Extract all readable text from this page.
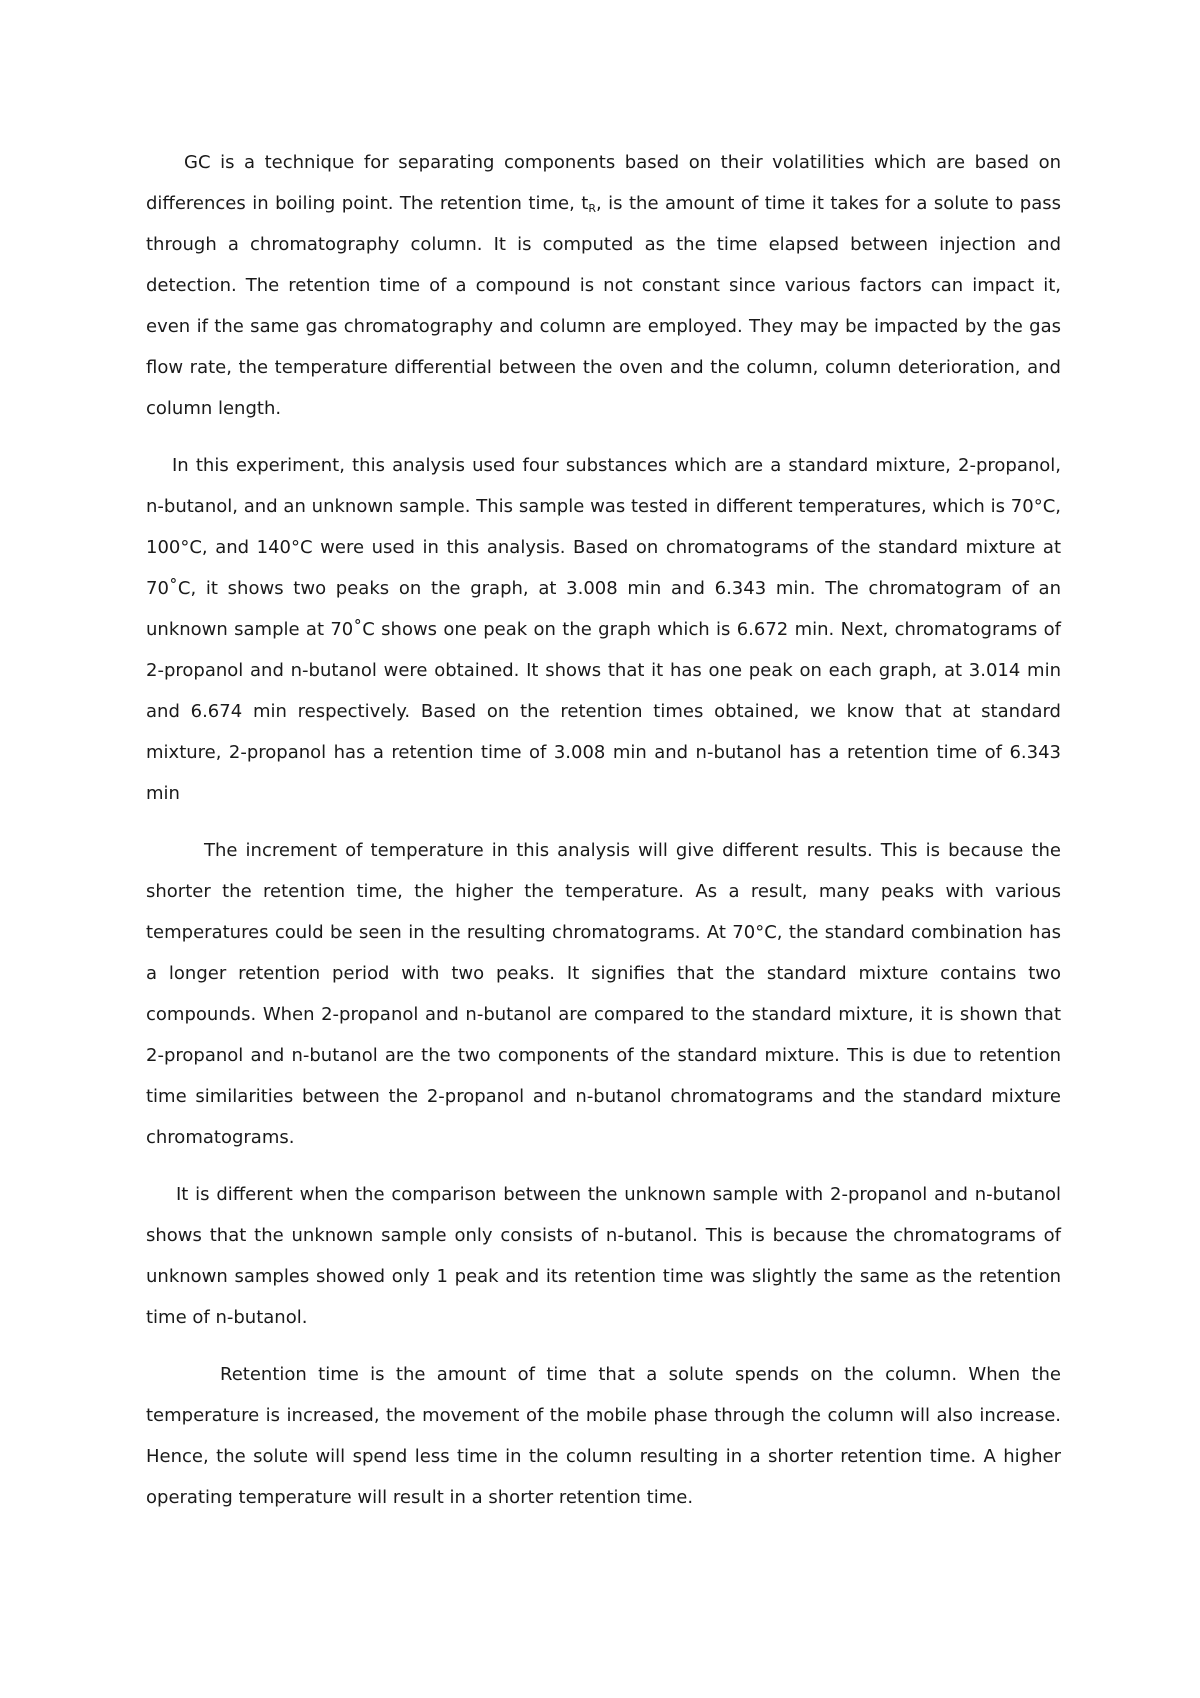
GC is a technique for separating components based on their volatilities which are based on differences in boiling point. The retention time, $t_R$, is the amount of time it takes for a solute to pass through a chromatography column. It is computed as the time elapsed between injection and detection. The retention time of a compound is not constant since various factors can impact it, even if the same gas chromatography and column are employed. They may be impacted by the gas flow rate, the temperature differential between the oven and the column, column deterioration, and column length.

In this experiment, this analysis used four substances which are a standard mixture, 2-propanol, n-butanol, and an unknown sample. This sample was tested in different temperatures, which is 70°C, 100°C, and 140°C were used in this analysis. Based on chromatograms of the standard mixture at 70˚C, it shows two peaks on the graph, at 3.008 min and 6.343 min. The chromatogram of an unknown sample at 70˚C shows one peak on the graph which is 6.672 min. Next, chromatograms of 2-propanol and n-butanol were obtained. It shows that it has one peak on each graph, at 3.014 min and 6.674 min respectively. Based on the retention times obtained, we know that at standard mixture, 2-propanol has a retention time of 3.008 min and n-butanol has a retention time of 6.343 min

The increment of temperature in this analysis will give different results. This is because the shorter the retention time, the higher the temperature. As a result, many peaks with various temperatures could be seen in the resulting chromatograms. At 70°C, the standard combination has a longer retention period with two peaks. It signifies that the standard mixture contains two compounds. When 2-propanol and n-butanol are compared to the standard mixture, it is shown that 2-propanol and n-butanol are the two components of the standard mixture. This is due to retention time similarities between the 2-propanol and n-butanol chromatograms and the standard mixture chromatograms.

It is different when the comparison between the unknown sample with 2-propanol and n-butanol shows that the unknown sample only consists of n-butanol. This is because the chromatograms of unknown samples showed only 1 peak and its retention time was slightly the same as the retention time of n-butanol.

Retention time is the amount of time that a solute spends on the column. When the temperature is increased, the movement of the mobile phase through the column will also increase. Hence, the solute will spend less time in the column resulting in a shorter retention time. A higher operating temperature will result in a shorter retention time.
